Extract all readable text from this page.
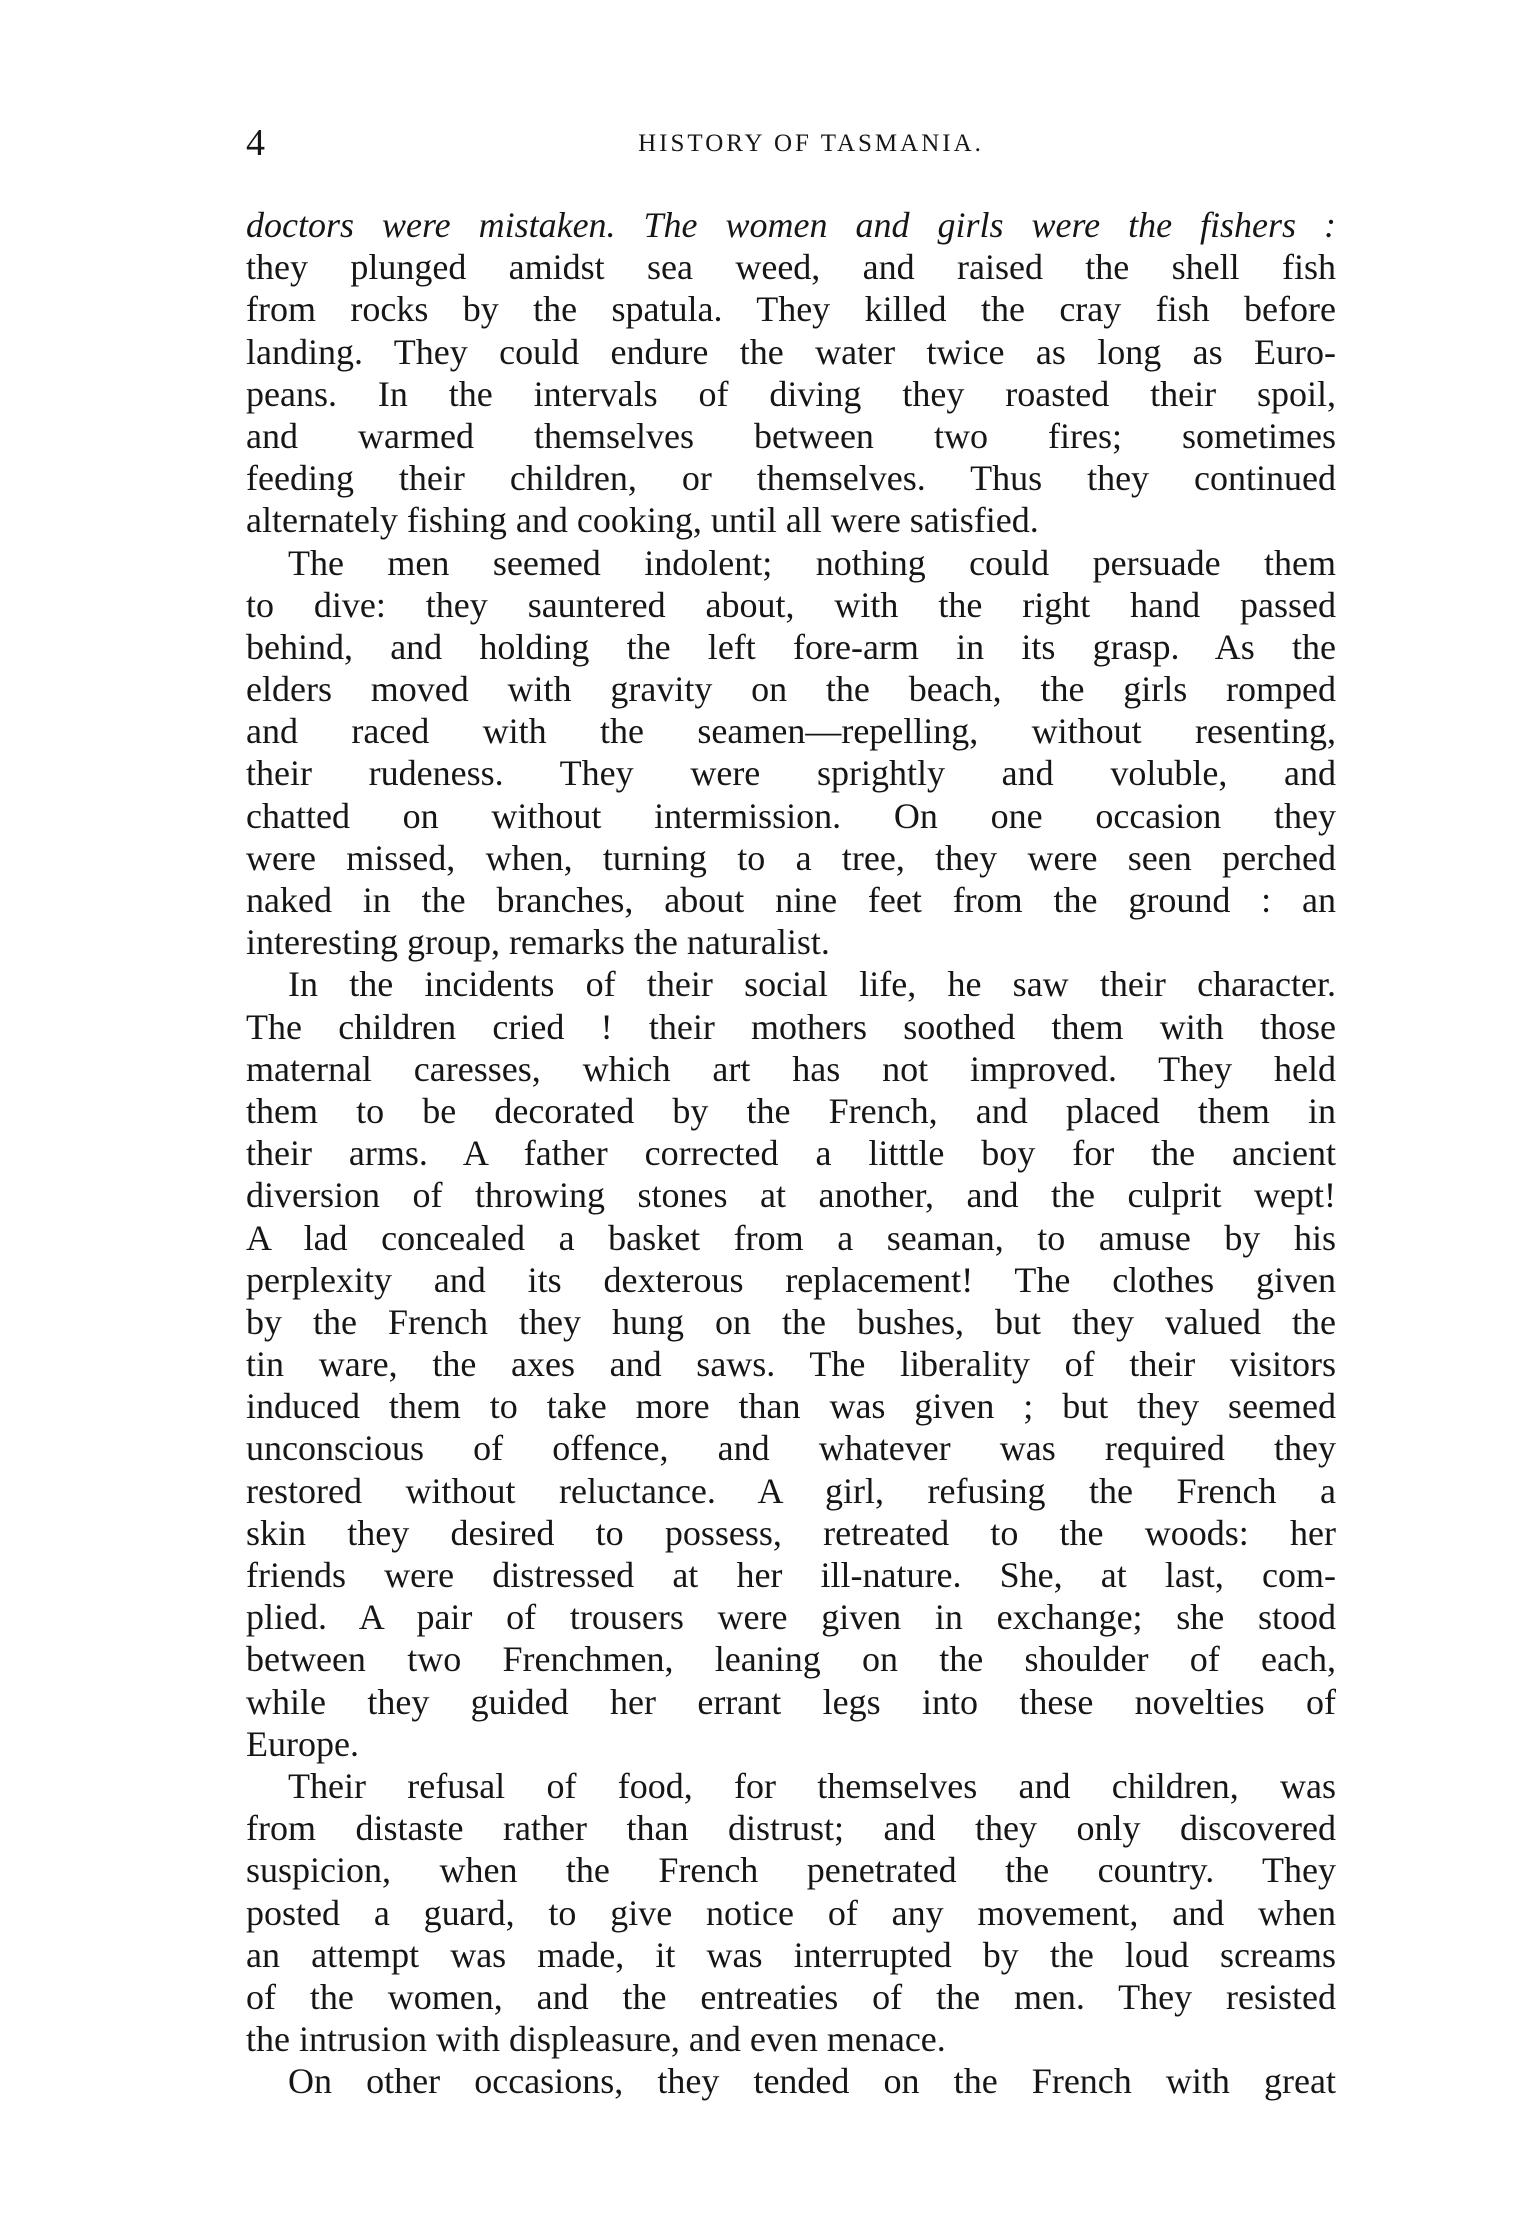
4	HISTORY OF TASMANIA.
doctors were mistaken. The women and girls were the fishers :
they plunged amidst sea weed, and raised the shell fish
from rocks by the spatula. They killed the cray fish before
landing. They could endure the water twice as long as Euro-
peans. In the intervals of diving they roasted their spoil,
and warmed themselves between two fires; sometimes
feeding their children, or themselves. Thus they continued
alternately fishing and cooking, until all were satisfied.
The men seemed indolent; nothing could persuade them
to dive: they sauntered about, with the right hand passed
behind, and holding the left fore-arm in its grasp. As the
elders moved with gravity on the beach, the girls romped
and raced with the seamen—repelling, without resenting,
their rudeness. They were sprightly and voluble, and
chatted on without intermission. On one occasion they
were missed, when, turning to a tree, they were seen perched
naked in the branches, about nine feet from the ground : an
interesting group, remarks the naturalist.
In the incidents of their social life, he saw their character.
The children cried ! their mothers soothed them with those
maternal caresses, which art has not improved. They held
them to be decorated by the French, and placed them in
their arms. A father corrected a litttle boy for the ancient
diversion of throwing stones at another, and the culprit wept!
A lad concealed a basket from a seaman, to amuse by his
perplexity and its dexterous replacement! The clothes given
by the French they hung on the bushes, but they valued the
tin ware, the axes and saws. The liberality of their visitors
induced them to take more than was given ; but they seemed
unconscious of offence, and whatever was required they
restored without reluctance. A girl, refusing the French a
skin they desired to possess, retreated to the woods: her
friends were distressed at her ill-nature. She, at last, com-
plied. A pair of trousers were given in exchange; she stood
between two Frenchmen, leaning on the shoulder of each,
while they guided her errant legs into these novelties of
Europe.
Their refusal of food, for themselves and children, was
from distaste rather than distrust; and they only discovered
suspicion, when the French penetrated the country. They
posted a guard, to give notice of any movement, and when
an attempt was made, it was interrupted by the loud screams
of the women, and the entreaties of the men. They resisted
the intrusion with displeasure, and even menace.
On other occasions, they tended on the French with great
